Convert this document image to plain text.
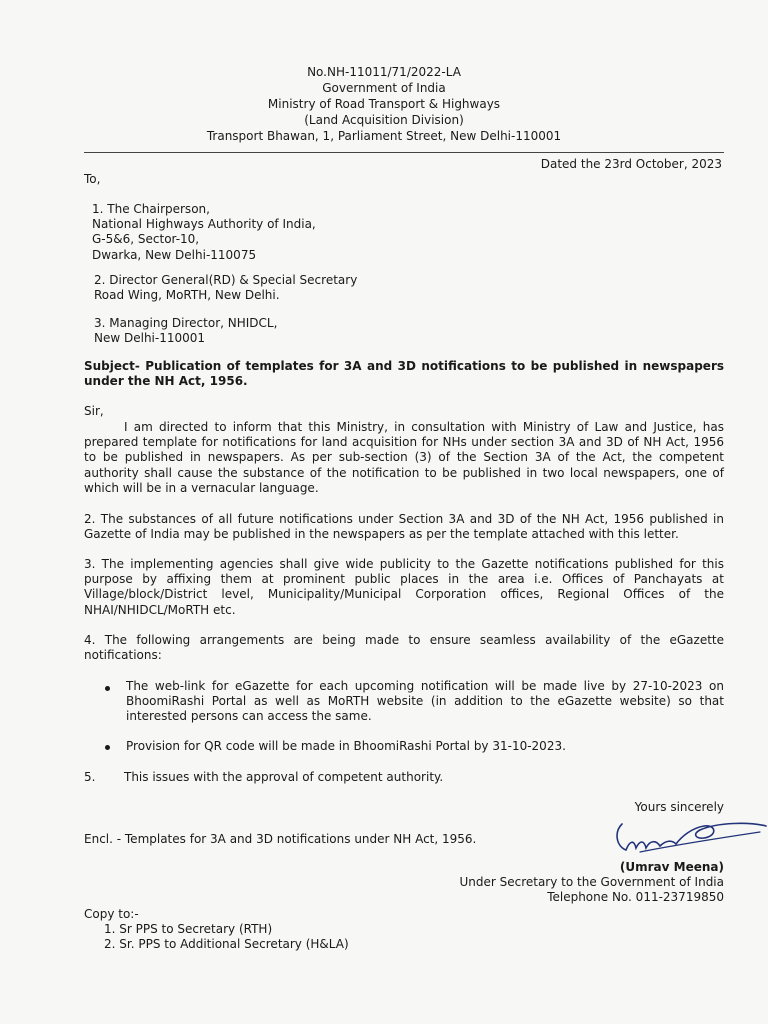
No.NH-11011/71/2022-LA
Government of India
Ministry of Road Transport & Highways
(Land Acquisition Division)
Transport Bhawan, 1, Parliament Street, New Delhi-110001
Dated the 23rd October, 2023
To,
1. The Chairperson,
National Highways Authority of India,
G-5&6, Sector-10,
Dwarka, New Delhi-110075
2. Director General(RD) & Special Secretary
Road Wing, MoRTH, New Delhi.
3. Managing Director, NHIDCL,
New Delhi-110001
Subject- Publication of templates for 3A and 3D notifications to be published in newspapers under the NH Act, 1956.
Sir,
I am directed to inform that this Ministry, in consultation with Ministry of Law and Justice, has prepared template for notifications for land acquisition for NHs under section 3A and 3D of NH Act, 1956 to be published in newspapers. As per sub-section (3) of the Section 3A of the Act, the competent authority shall cause the substance of the notification to be published in two local newspapers, one of which will be in a vernacular language.
2. The substances of all future notifications under Section 3A and 3D of the NH Act, 1956 published in Gazette of India may be published in the newspapers as per the template attached with this letter.
3. The implementing agencies shall give wide publicity to the Gazette notifications published for this purpose by affixing them at prominent public places in the area i.e. Offices of Panchayats at Village/block/District level, Municipality/Municipal Corporation offices, Regional Offices of the NHAI/NHIDCL/MoRTH etc.
4. The following arrangements are being made to ensure seamless availability of the eGazette notifications:
The web-link for eGazette for each upcoming notification will be made live by 27-10-2023 on BhoomiRashi Portal as well as MoRTH website (in addition to the eGazette website) so that interested persons can access the same.
Provision for QR code will be made in BhoomiRashi Portal by 31-10-2023.
5. This issues with the approval of competent authority.
Yours sincerely
Encl. - Templates for 3A and 3D notifications under NH Act, 1956.
(Umrav Meena)
Under Secretary to the Government of India
Telephone No. 011-23719850
Copy to:-
1. Sr PPS to Secretary (RTH)
2. Sr. PPS to Additional Secretary (H&LA)
